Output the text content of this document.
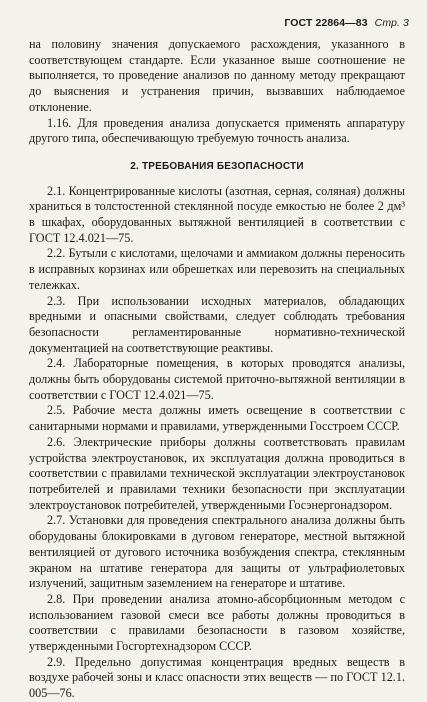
ГОСТ 22864—83 Стр. 3

на половину значения допускаемого расхождения, указанного в соответствующем стандарте. Если указанное выше соотношение не выполняется, то проведение анализов по данному методу прекращают до выяснения и устранения причин, вызвавших наблюдаемое отклонение.

1.16. Для проведения анализа допускается применять аппаратуру другого типа, обеспечивающую требуемую точность анализа.

2. ТРЕБОВАНИЯ БЕЗОПАСНОСТИ

2.1. Концентрированные кислоты (азотная, серная, соляная) должны храниться в толстостенной стеклянной посуде емкостью не более 2 дм³ в шкафах, оборудованных вытяжной вентиляцией в соответствии с ГОСТ 12.4.021—75.

2.2. Бутыли с кислотами, щелочами и аммиаком должны переносить в исправных корзинах или обрешетках или перевозить на специальных тележках.

2.3. При использовании исходных материалов, обладающих вредными и опасными свойствами, следует соблюдать требования безопасности регламентированные нормативно-технической документацией на соответствующие реактивы.

2.4. Лабораторные помещения, в которых проводятся анализы, должны быть оборудованы системой приточно-вытяжной вентиляции в соответствии с ГОСТ 12.4.021—75.

2.5. Рабочие места должны иметь освещение в соответствии с санитарными нормами и правилами, утвержденными Госстроем СССР.

2.6. Электрические приборы должны соответствовать правилам устройства электроустановок, их эксплуатация должна проводиться в соответствии с правилами технической эксплуатации электроустановок потребителей и правилами техники безопасности при эксплуатации электроустановок потребителей, утвержденными Госэнергонадзором.

2.7. Установки для проведения спектрального анализа должны быть оборудованы блокировками в дуговом генераторе, местной вытяжной вентиляцией от дугового источника возбуждения спектра, стеклянным экраном на штативе генератора для защиты от ультрафиолетовых излучений, защитным заземлением на генераторе и штативе.

2.8. При проведении анализа атомно-абсорбционным методом с использованием газовой смеси все работы должны проводиться в соответствии с правилами безопасности в газовом хозяйстве, утвержденными Госгортехнадзором СССР.

2.9. Предельно допустимая концентрация вредных веществ в воздухе рабочей зоны и класс опасности этих веществ — по ГОСТ 12.1. 005—76.
